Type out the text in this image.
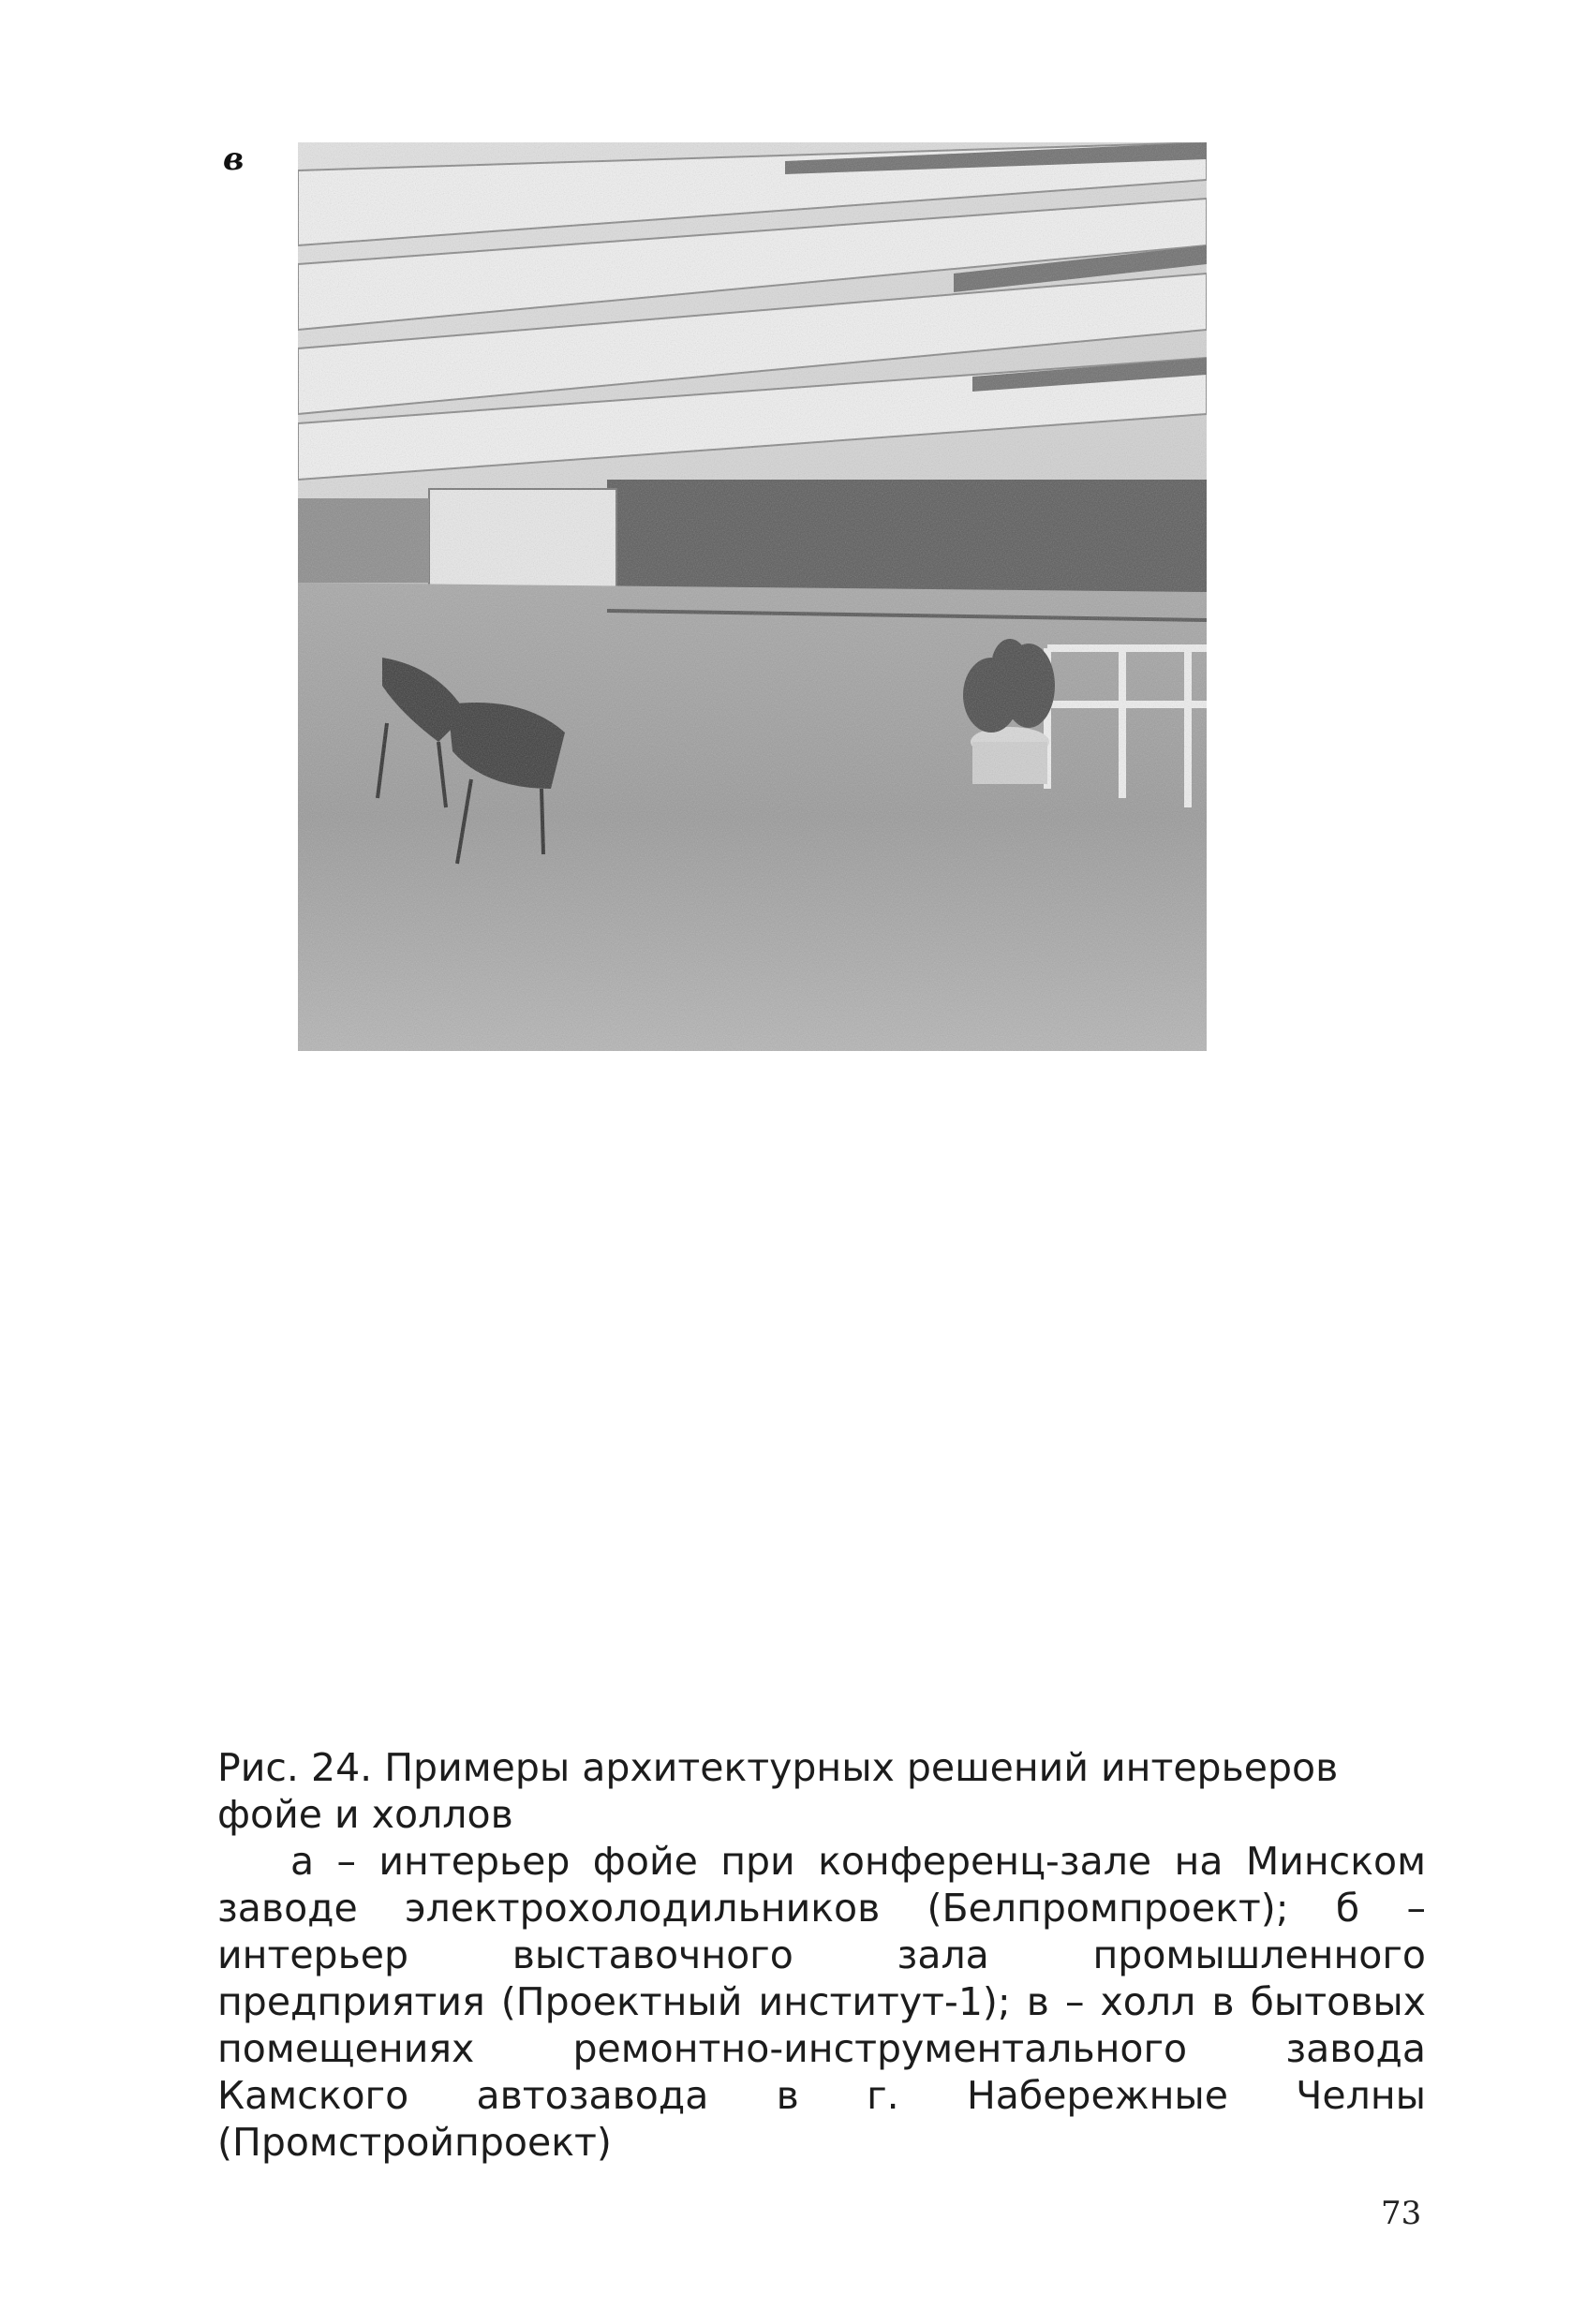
в
Рис. 24. Примеры архитектурных решений интерьеров фойе и холлов
а – интерьер фойе при конференц-зале на Минском заводе электрохолодильников (Белпромпроект); б – интерьер выставочного зала промышленного предприятия (Проектный институт-1); в – холл в бытовых помещениях ремонтно-инструментального завода Камского автозавода в г. Набережные Челны (Промстройпроект)
73
